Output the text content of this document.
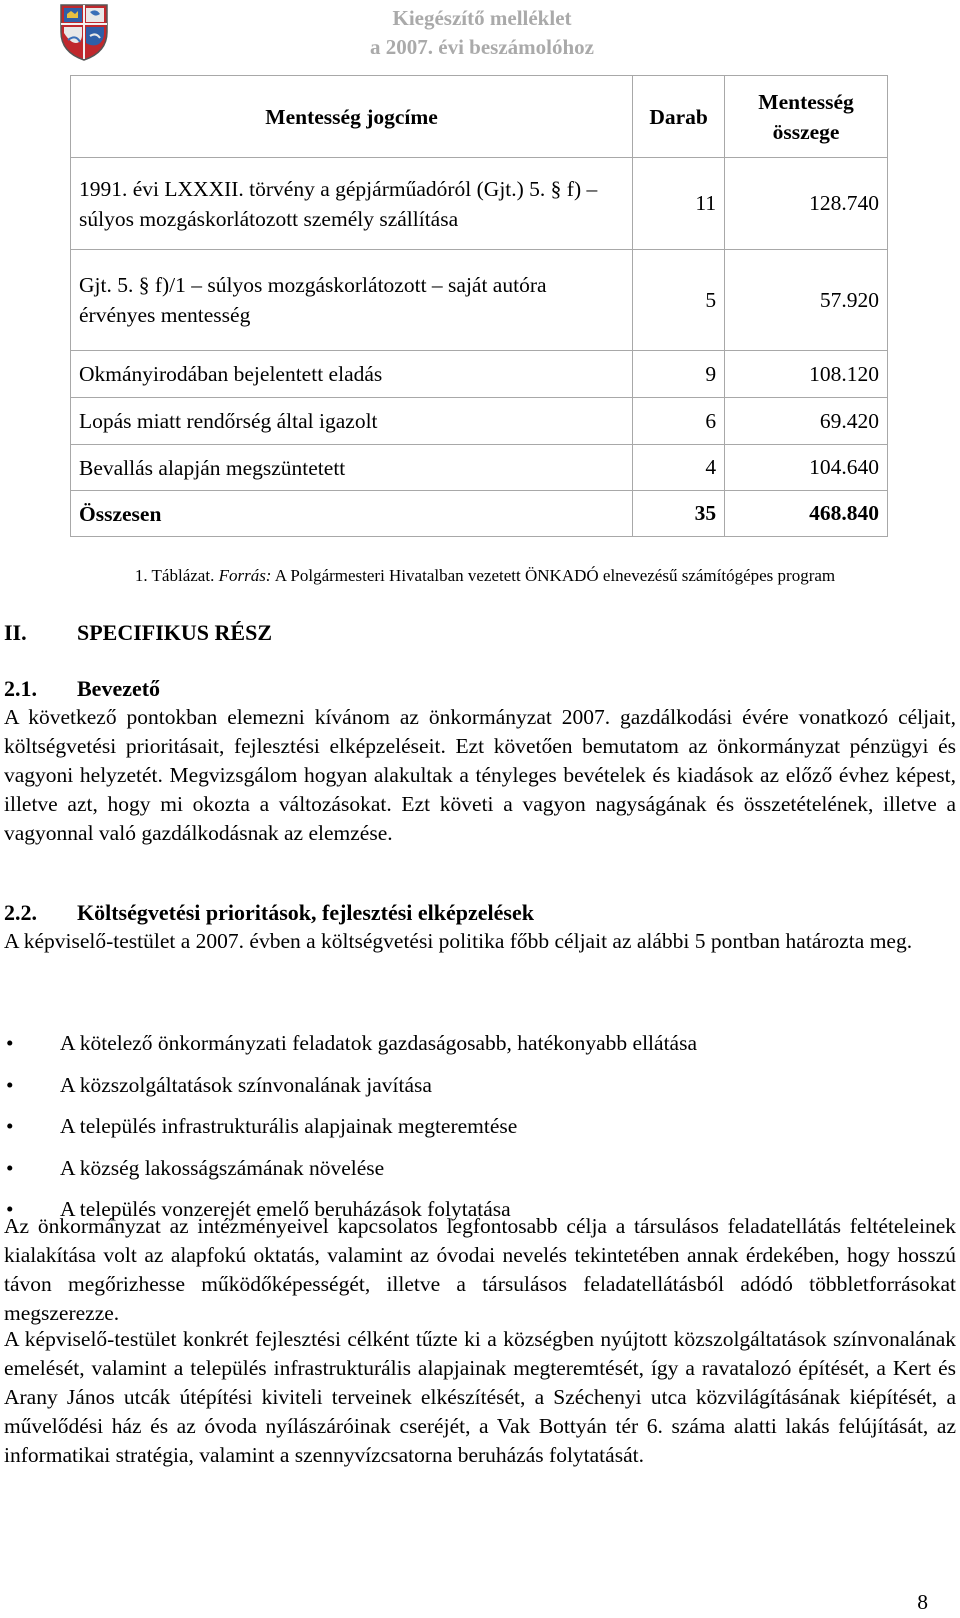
Kiegészítő melléklet
a 2007. évi beszámolóhoz
Mentesség jogcíme	Darab	Mentesség összege
1991. évi LXXXII. törvény a gépjárműadóról (Gjt.) 5. § f) – súlyos mozgáskorlátozott személy szállítása	11	128.740
Gjt. 5. § f)/1 – súlyos mozgáskorlátozott – saját autóra érvényes mentesség	5	57.920
Okmányirodában bejelentett eladás	9	108.120
Lopás miatt rendőrség által igazolt	6	69.420
Bevallás alapján megszüntetett	4	104.640
Összesen	35	468.840
1. Táblázat. Forrás: A Polgármesteri Hivatalban vezetett ÖNKADÓ elnevezésű számítógépes program
II. SPECIFIKUS RÉSZ
2.1. Bevezető

A következő pontokban elemezni kívánom az önkormányzat 2007. gazdálkodási évére vonatkozó céljait, költségvetési prioritásait, fejlesztési elképzeléseit. Ezt követően bemutatom az önkormányzat pénzügyi és vagyoni helyzetét. Megvizsgálom hogyan alakultak a tényleges bevételek és kiadások az előző évhez képest, illetve azt, hogy mi okozta a változásokat. Ezt követi a vagyon nagyságának és összetételének, illetve a vagyonnal való gazdálkodásnak az elemzése.

2.2. Költségvetési prioritások, fejlesztési elképzelések

A képviselő-testület a 2007. évben a költségvetési politika főbb céljait az alábbi 5 pontban határozta meg.

• A kötelező önkormányzati feladatok gazdaságosabb, hatékonyabb ellátása
• A közszolgáltatások színvonalának javítása
• A település infrastrukturális alapjainak megteremtése
• A község lakosságszámának növelése
• A település vonzerejét emelő beruházások folytatása

Az önkormányzat az intézményeivel kapcsolatos legfontosabb célja a társulásos feladatellátás feltételeinek kialakítása volt az alapfokú oktatás, valamint az óvodai nevelés tekintetében annak érdekében, hogy hosszú távon megőrizhesse működőképességét, illetve a társulásos feladatellátásból adódó többletforrásokat megszerezze.

A képviselő-testület konkrét fejlesztési célként tűzte ki a községben nyújtott közszolgáltatások színvonalának emelését, valamint a település infrastrukturális alapjainak megteremtését, így a ravatalozó építését, a Kert és Arany János utcák útépítési kiviteli terveinek elkészítését, a Széchenyi utca közvilágításának kiépítését, a művelődési ház és az óvoda nyílászáróinak cseréjét, a Vak Bottyán tér 6. száma alatti lakás felújítását, az informatikai stratégia, valamint a szennyvízcsatorna beruházás folytatását.

8
